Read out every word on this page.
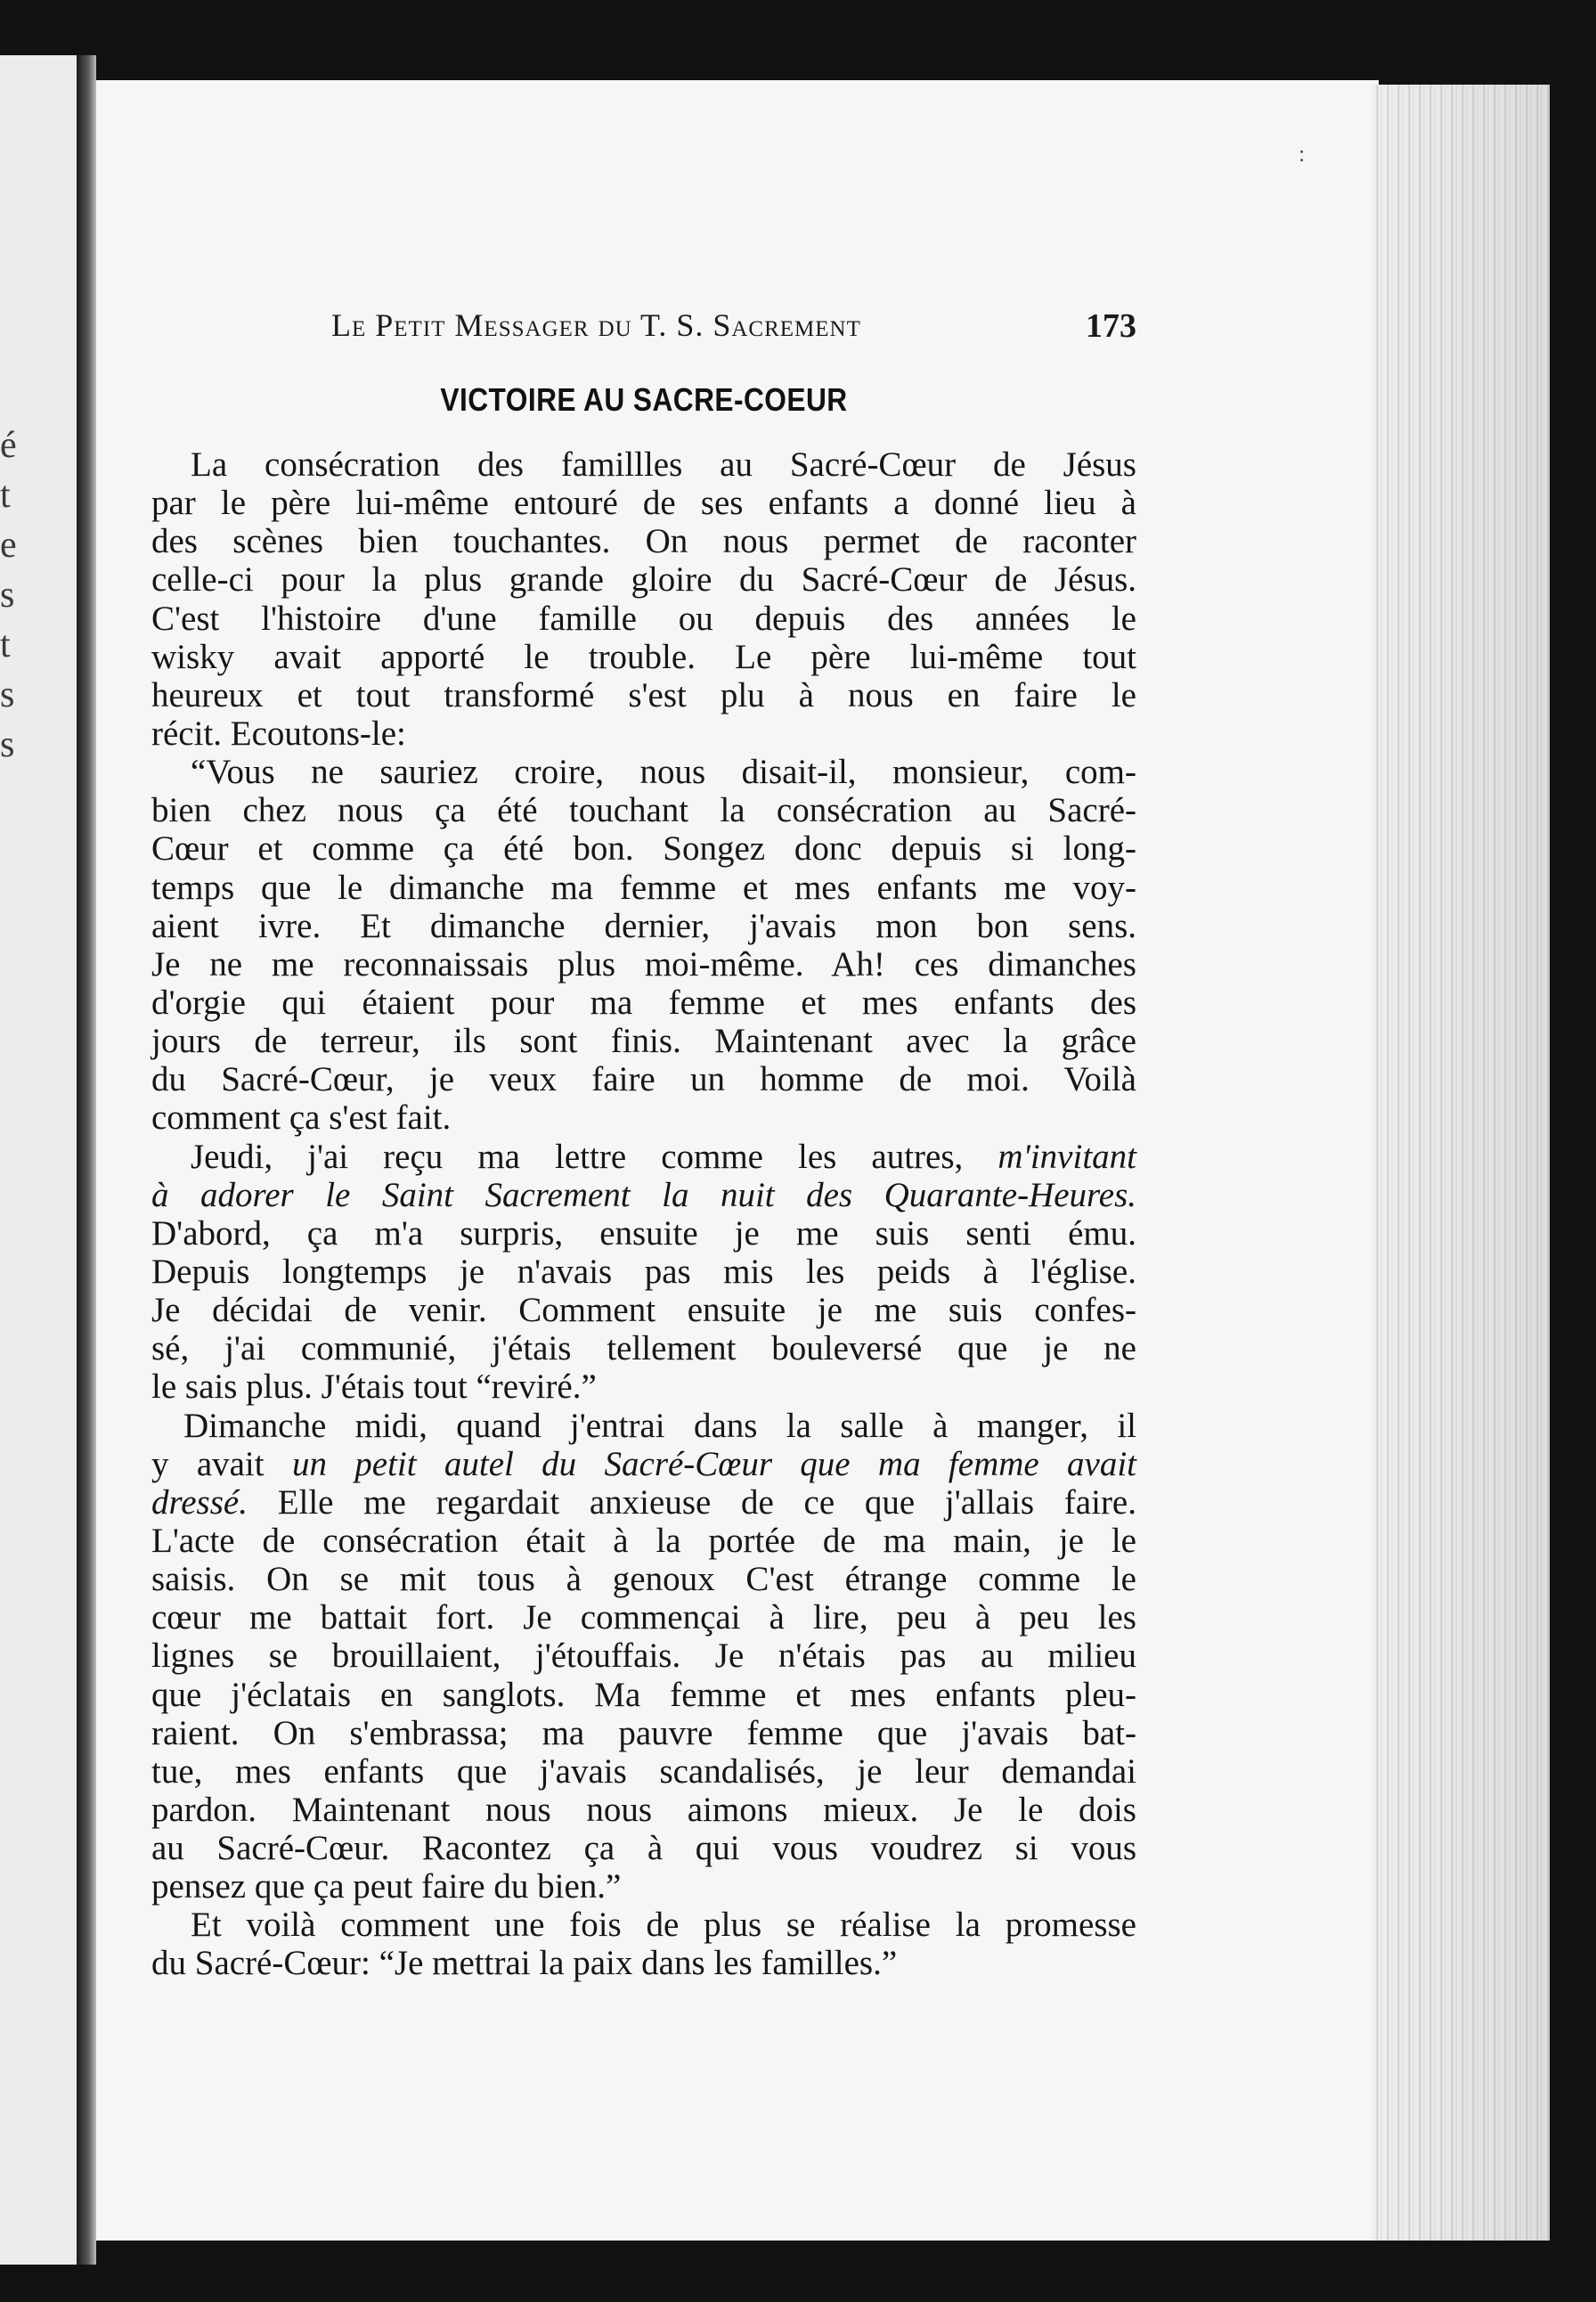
é
t
e
s
t
s
s
Le Petit Messager du T. S. Sacrement	173
VICTOIRE AU SACRE-COEUR
La consécration des famillles au Sacré-Cœur de Jésus
par le père lui-même entouré de ses enfants a donné lieu à
des scènes bien touchantes. On nous permet de raconter
celle-ci pour la plus grande gloire du Sacré-Cœur de Jésus.
C'est l'histoire d'une famille ou depuis des années le
wisky avait apporté le trouble. Le père lui-même tout
heureux et tout transformé s'est plu à nous en faire le
récit. Ecoutons-le:
“Vous ne sauriez croire, nous disait-il, monsieur, com-
bien chez nous ça été touchant la consécration au Sacré-
Cœur et comme ça été bon. Songez donc depuis si long-
temps que le dimanche ma femme et mes enfants me voy-
aient ivre. Et dimanche dernier, j'avais mon bon sens.
Je ne me reconnaissais plus moi-même. Ah! ces dimanches
d'orgie qui étaient pour ma femme et mes enfants des
jours de terreur, ils sont finis. Maintenant avec la grâce
du Sacré-Cœur, je veux faire un homme de moi. Voilà
comment ça s'est fait.
Jeudi, j'ai reçu ma lettre comme les autres, m'invitant
à adorer le Saint Sacrement la nuit des Quarante-Heures.
D'abord, ça m'a surpris, ensuite je me suis senti ému.
Depuis longtemps je n'avais pas mis les peids à l'église.
Je décidai de venir. Comment ensuite je me suis confes-
sé, j'ai communié, j'étais tellement bouleversé que je ne
le sais plus. J'étais tout “reviré.”
Dimanche midi, quand j'entrai dans la salle à manger, il
y avait un petit autel du Sacré-Cœur que ma femme avait
dressé. Elle me regardait anxieuse de ce que j'allais faire.
L'acte de consécration était à la portée de ma main, je le
saisis. On se mit tous à genoux C'est étrange comme le
cœur me battait fort. Je commençai à lire, peu à peu les
lignes se brouillaient, j'étouffais. Je n'étais pas au milieu
que j'éclatais en sanglots. Ma femme et mes enfants pleu-
raient. On s'embrassa; ma pauvre femme que j'avais bat-
tue, mes enfants que j'avais scandalisés, je leur demandai
pardon. Maintenant nous nous aimons mieux. Je le dois
au Sacré-Cœur. Racontez ça à qui vous voudrez si vous
pensez que ça peut faire du bien.”
Et voilà comment une fois de plus se réalise la promesse
du Sacré-Cœur: “Je mettrai la paix dans les familles.”
:
